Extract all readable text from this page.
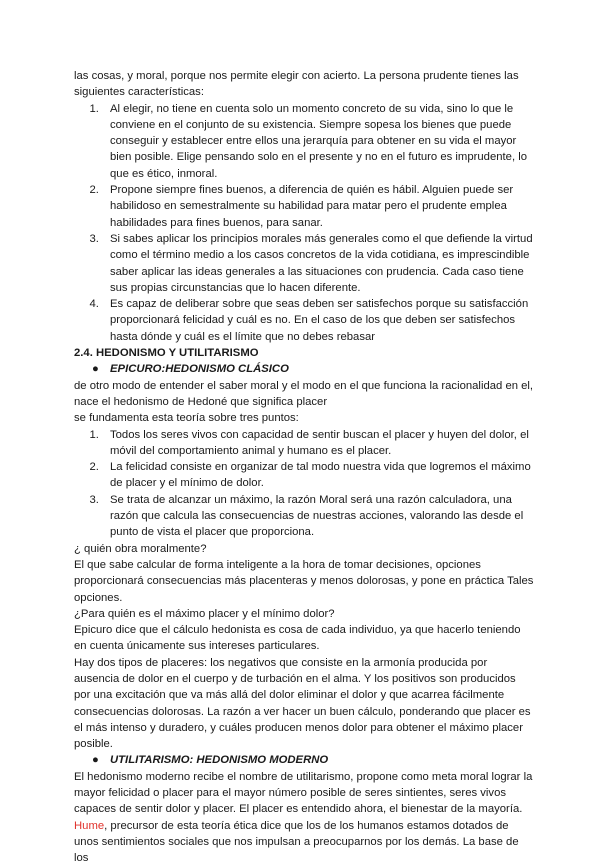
las cosas, y moral, porque nos permite elegir con acierto. La persona prudente tienes las siguientes características:

1. Al elegir, no tiene en cuenta solo un momento concreto de su vida, sino lo que le conviene en el conjunto de su existencia. Siempre sopesa los bienes que puede conseguir y establecer entre ellos una jerarquía para obtener en su vida el mayor bien posible. Elige pensando solo en el presente y no en el futuro es imprudente, lo que es ético, inmoral.
2. Propone siempre fines buenos, a diferencia de quién es hábil. Alguien puede ser habilidoso en semestralmente su habilidad para matar pero el prudente emplea habilidades para fines buenos, para sanar.
3. Si sabes aplicar los principios morales más generales como el que defiende la virtud como el término medio a los casos concretos de la vida cotidiana, es imprescindible saber aplicar las ideas generales a las situaciones con prudencia. Cada caso tiene sus propias circunstancias que lo hacen diferente.
4. Es capaz de deliberar sobre que seas deben ser satisfechos porque su satisfacción proporcionará felicidad y cuál es no. En el caso de los que deben ser satisfechos hasta dónde y cuál es el límite que no debes rebasar

2.4. HEDONISMO Y UTILITARISMO

● EPICURO:HEDONISMO CLÁSICO

de otro modo de entender el saber moral y el modo en el que funciona la racionalidad en el, nace el hedonismo de Hedoné que significa placer

se fundamenta esta teoría sobre tres puntos:

1. Todos los seres vivos con capacidad de sentir buscan el placer y huyen del dolor, el móvil del comportamiento animal y humano es el placer.
2. La felicidad consiste en organizar de tal modo nuestra vida que logremos el máximo de placer y el mínimo de dolor.
3. Se trata de alcanzar un máximo, la razón Moral será una razón calculadora, una razón que calcula las consecuencias de nuestras acciones, valorando las desde el punto de vista el placer que proporciona.

¿ quién obra moralmente?

El que sabe calcular de forma inteligente a la hora de tomar decisiones, opciones proporcionará consecuencias más placenteras y menos dolorosas, y pone en práctica Tales opciones.

¿Para quién es el máximo placer y el mínimo dolor?

Epicuro dice que el cálculo hedonista es cosa de cada individuo, ya que hacerlo teniendo en cuenta únicamente sus intereses particulares.

Hay dos tipos de placeres: los negativos que consiste en la armonía producida por ausencia de dolor en el cuerpo y de turbación en el alma. Y los positivos son producidos por una excitación que va más allá del dolor eliminar el dolor y que acarrea fácilmente consecuencias dolorosas. La razón a ver hacer un buen cálculo, ponderando que placer es el más intenso y duradero, y cuáles producen menos dolor para obtener el máximo placer posible.

● UTILITARISMO: HEDONISMO MODERNO

El hedonismo moderno recibe el nombre de utilitarismo, propone como meta moral lograr la mayor felicidad o placer para el mayor número posible de seres sintientes, seres vivos capaces de sentir dolor y placer. El placer es entendido ahora, el bienestar de la mayoría.

Hume, precursor de esta teoría ética dice que los de los humanos estamos dotados de unos sentimientos sociales que nos impulsan a preocuparnos por los demás. La base de los
